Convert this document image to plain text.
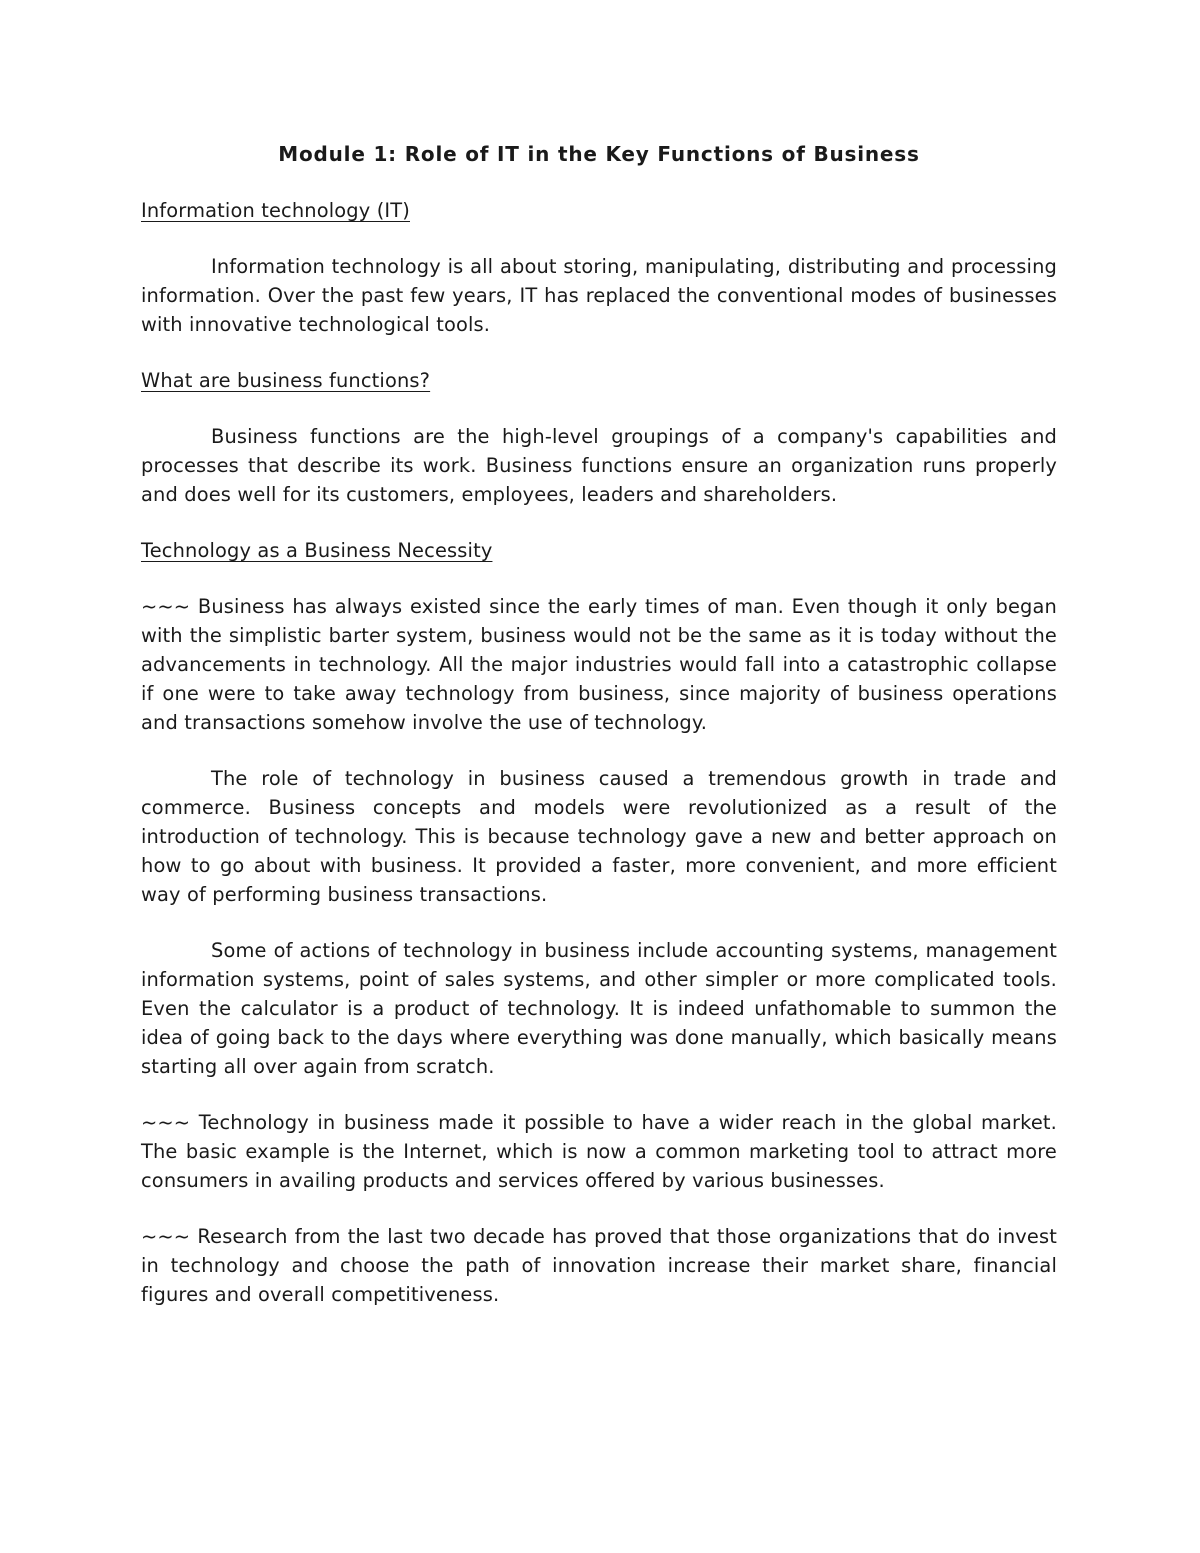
Module 1: Role of IT in the Key Functions of Business
Information technology (IT)

Information technology is all about storing, manipulating, distributing and processing information. Over the past few years, IT has replaced the conventional modes of businesses with innovative technological tools.

What are business functions?

Business functions are the high-level groupings of a company's capabilities and processes that describe its work. Business functions ensure an organization runs properly and does well for its customers, employees, leaders and shareholders.

Technology as a Business Necessity

~~~ Business has always existed since the early times of man. Even though it only began with the simplistic barter system, business would not be the same as it is today without the advancements in technology. All the major industries would fall into a catastrophic collapse if one were to take away technology from business, since majority of business operations and transactions somehow involve the use of technology.

The role of technology in business caused a tremendous growth in trade and commerce. Business concepts and models were revolutionized as a result of the introduction of technology. This is because technology gave a new and better approach on how to go about with business. It provided a faster, more convenient, and more efficient way of performing business transactions.

Some of actions of technology in business include accounting systems, management information systems, point of sales systems, and other simpler or more complicated tools. Even the calculator is a product of technology. It is indeed unfathomable to summon the idea of going back to the days where everything was done manually, which basically means starting all over again from scratch.

~~~ Technology in business made it possible to have a wider reach in the global market. The basic example is the Internet, which is now a common marketing tool to attract more consumers in availing products and services offered by various businesses.

~~~ Research from the last two decade has proved that those organizations that do invest in technology and choose the path of innovation increase their market share, financial figures and overall competitiveness.
